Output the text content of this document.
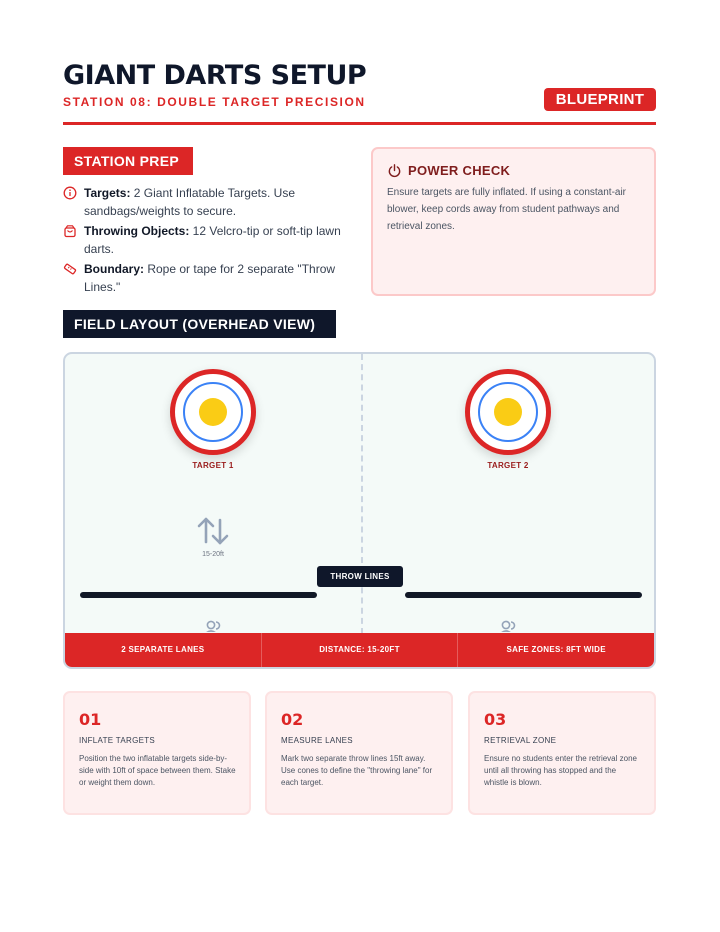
GIANT DARTS SETUP
STATION 08: DOUBLE TARGET PRECISION	BLUEPRINT
STATION PREP
Targets: 2 Giant Inflatable Targets. Use sandbags/weights to secure.
Throwing Objects: 12 Velcro-tip or soft-tip lawn darts.
Boundary: Rope or tape for 2 separate "Throw Lines."
POWER CHECK

Ensure targets are fully inflated. If using a constant-air blower, keep cords away from student pathways and retrieval zones.

FIELD LAYOUT (OVERHEAD VIEW)
TARGET 1	TARGET 2
15-20ft
THROW LINES
2 SEPARATE LANES	DISTANCE: 15-20FT	SAFE ZONES: 8FT WIDE
01
INFLATE TARGETS

Position the two inflatable targets side-by-side with 10ft of space between them. Stake or weight them down.

02
MEASURE LANES

Mark two separate throw lines 15ft away. Use cones to define the "throwing lane" for each target.

03
RETRIEVAL ZONE

Ensure no students enter the retrieval zone until all throwing has stopped and the whistle is blown.
